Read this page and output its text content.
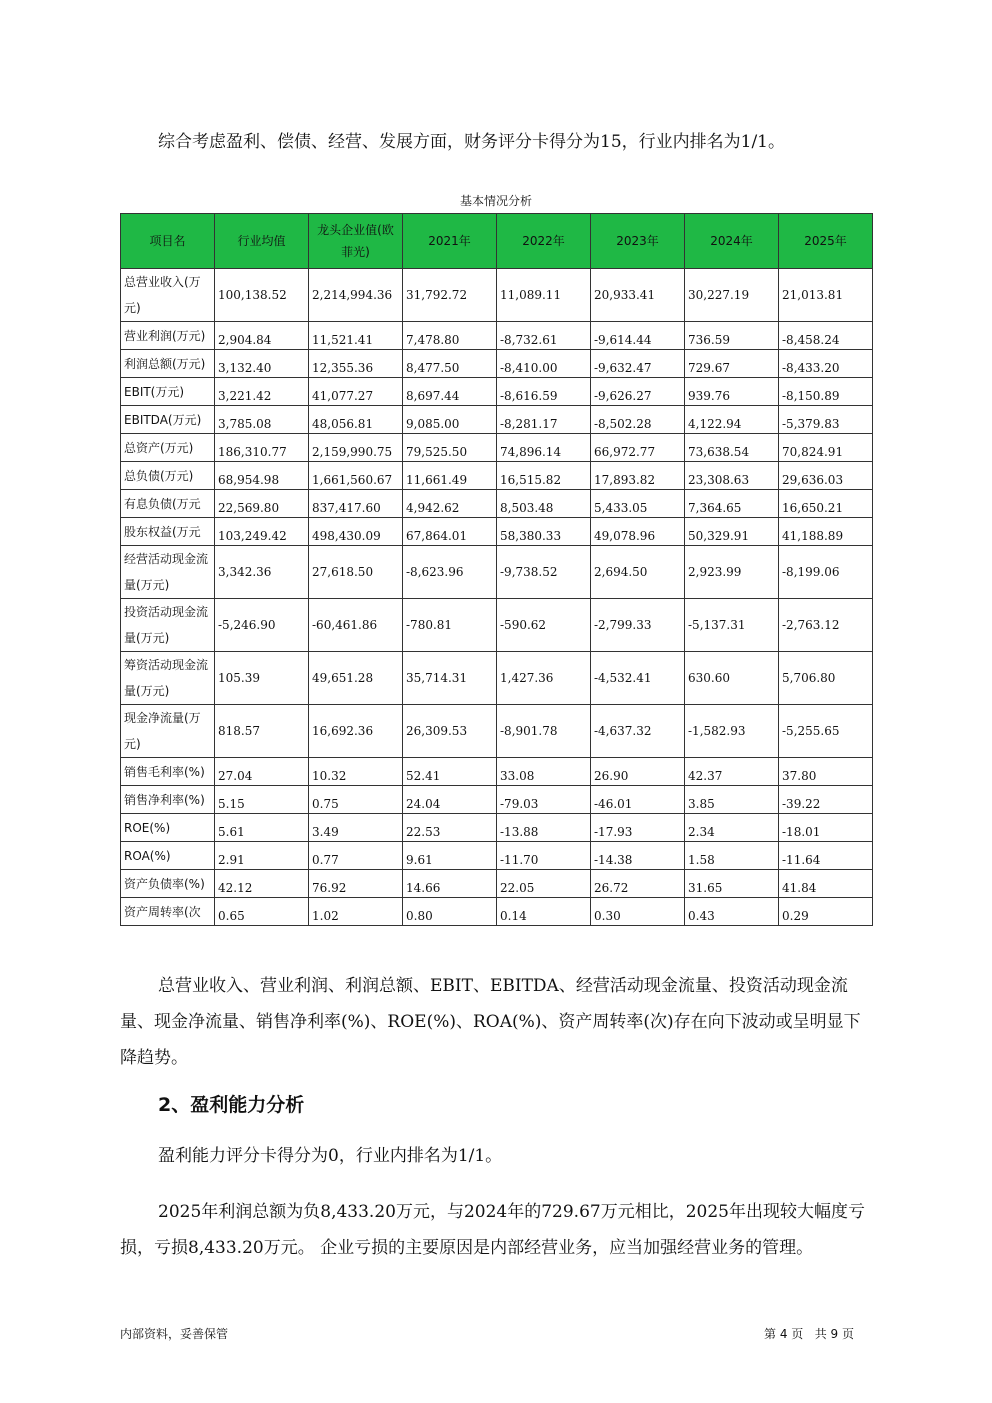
综合考虑盈利、偿债、经营、发展方面，财务评分卡得分为15，行业内排名为1/1。

基本情况分析

项目名	行业均值	龙头企业值(欧菲光)	2021年	2022年	2023年	2024年	2025年
总营业收入(万元)	100,138.52	2,214,994.36	31,792.72	11,089.11	20,933.41	30,227.19	21,013.81
营业利润(万元)	2,904.84	11,521.41	7,478.80	-8,732.61	-9,614.44	736.59	-8,458.24
利润总额(万元)	3,132.40	12,355.36	8,477.50	-8,410.00	-9,632.47	729.67	-8,433.20
EBIT(万元)	3,221.42	41,077.27	8,697.44	-8,616.59	-9,626.27	939.76	-8,150.89
EBITDA(万元)	3,785.08	48,056.81	9,085.00	-8,281.17	-8,502.28	4,122.94	-5,379.83
总资产(万元)	186,310.77	2,159,990.75	79,525.50	74,896.14	66,972.77	73,638.54	70,824.91
总负债(万元)	68,954.98	1,661,560.67	11,661.49	16,515.82	17,893.82	23,308.63	29,636.03
有息负债(万元	22,569.80	837,417.60	4,942.62	8,503.48	5,433.05	7,364.65	16,650.21
股东权益(万元	103,249.42	498,430.09	67,864.01	58,380.33	49,078.96	50,329.91	41,188.89
经营活动现金流量(万元)	3,342.36	27,618.50	-8,623.96	-9,738.52	2,694.50	2,923.99	-8,199.06
投资活动现金流量(万元)	-5,246.90	-60,461.86	-780.81	-590.62	-2,799.33	-5,137.31	-2,763.12
筹资活动现金流量(万元)	105.39	49,651.28	35,714.31	1,427.36	-4,532.41	630.60	5,706.80
现金净流量(万元)	818.57	16,692.36	26,309.53	-8,901.78	-4,637.32	-1,582.93	-5,255.65
销售毛利率(%)	27.04	10.32	52.41	33.08	26.90	42.37	37.80
销售净利率(%)	5.15	0.75	24.04	-79.03	-46.01	3.85	-39.22
ROE(%)	5.61	3.49	22.53	-13.88	-17.93	2.34	-18.01
ROA(%)	2.91	0.77	9.61	-11.70	-14.38	1.58	-11.64
资产负债率(%)	42.12	76.92	14.66	22.05	26.72	31.65	41.84
资产周转率(次	0.65	1.02	0.80	0.14	0.30	0.43	0.29

总营业收入、营业利润、利润总额、EBIT、EBITDA、经营活动现金流量、投资活动现金流量、现金净流量、销售净利率(%)、ROE(%)、ROA(%)、资产周转率(次)存在向下波动或呈明显下降趋势。

2、盈利能力分析

盈利能力评分卡得分为0，行业内排名为1/1。

2025年利润总额为负8,433.20万元，与2024年的729.67万元相比，2025年出现较大幅度亏损，亏损8,433.20万元。 企业亏损的主要原因是内部经营业务，应当加强经营业务的管理。

内部资料，妥善保管	第 4 页   共 9 页
